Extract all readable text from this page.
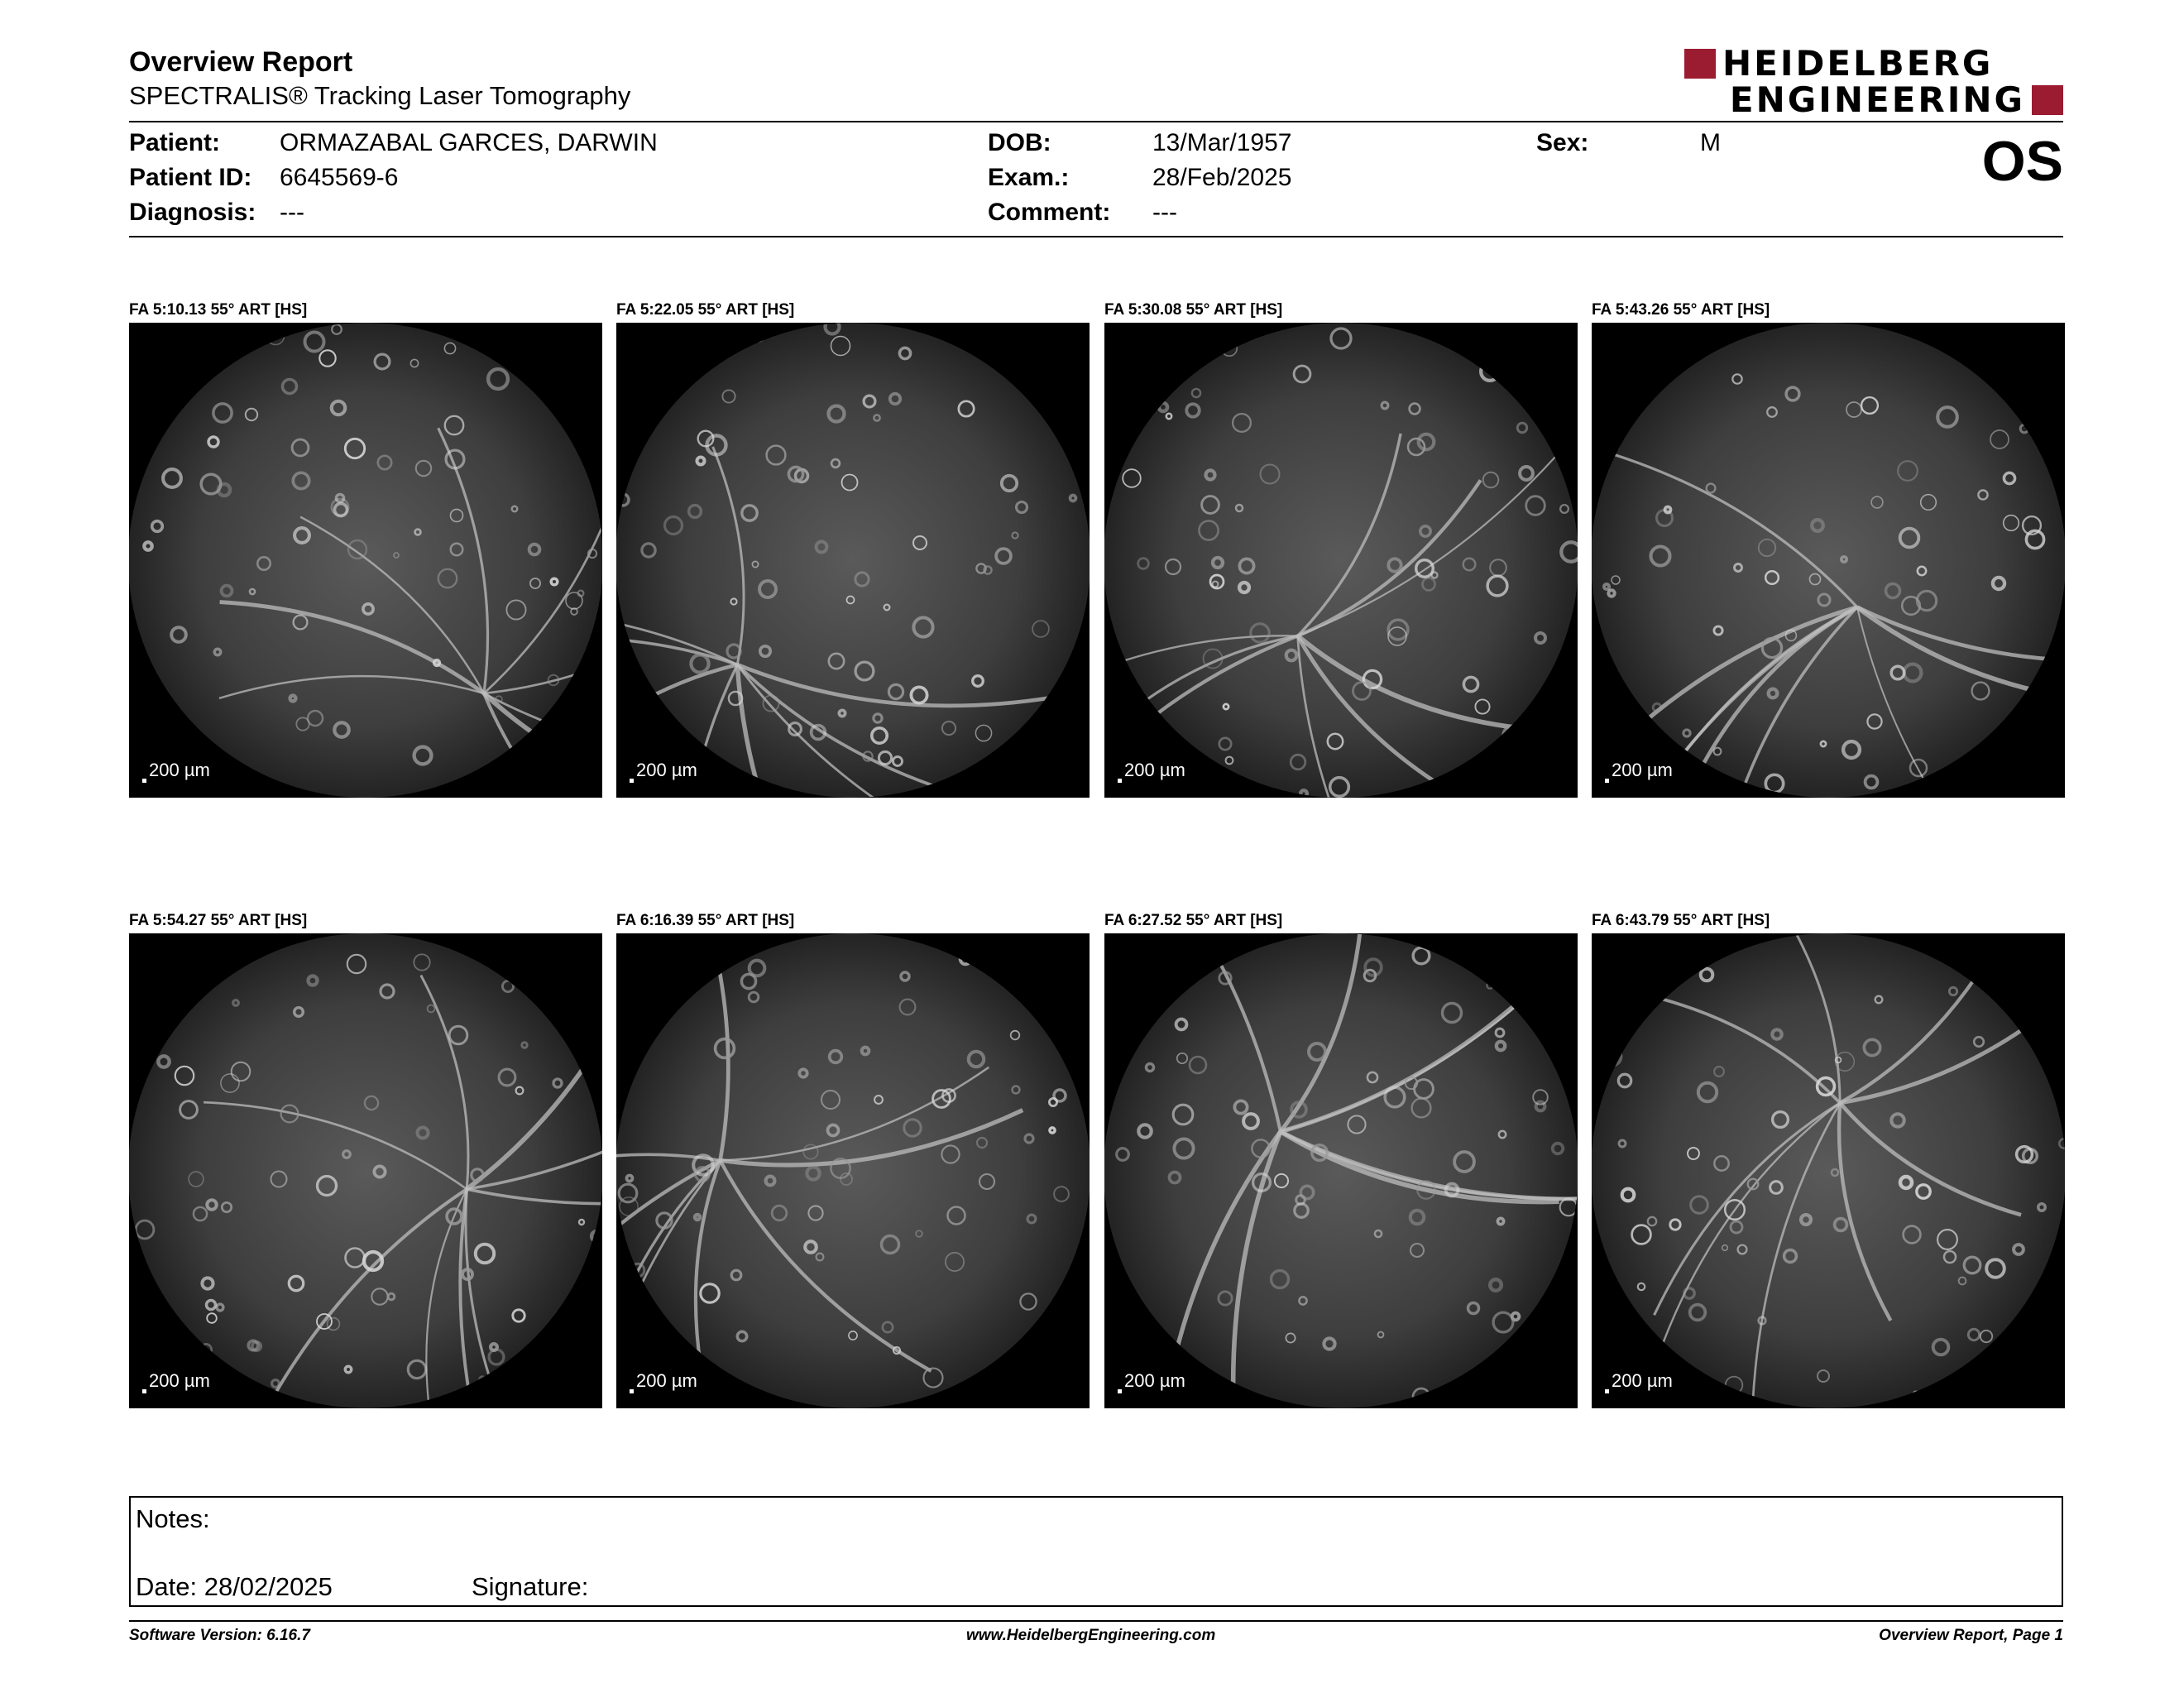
Overview Report
SPECTRALIS® Tracking Laser Tomography
HEIDELBERG
ENGINEERING
Patient: ORMAZABAL GARCES, DARWIN
Patient ID: 6645569-6
Diagnosis: ---
DOB:	13/Mar/1957
Exam.:	28/Feb/2025
Comment: ---
Sex:	M	OS
FA 5:10.13 55° ART [HS]
200 µm
FA 5:22.05 55° ART [HS]
200 µm
FA 5:30.08 55° ART [HS]
200 µm
FA 5:43.26 55° ART [HS]
200 µm
FA 5:54.27 55° ART [HS]
200 µm
FA 6:16.39 55° ART [HS]
200 µm
FA 6:27.52 55° ART [HS]
200 µm
FA 6:43.79 55° ART [HS]
200 µm
Notes:
Date: 28/02/2025	Signature:
Software Version: 6.16.7	www.HeidelbergEngineering.com	Overview Report, Page 1
